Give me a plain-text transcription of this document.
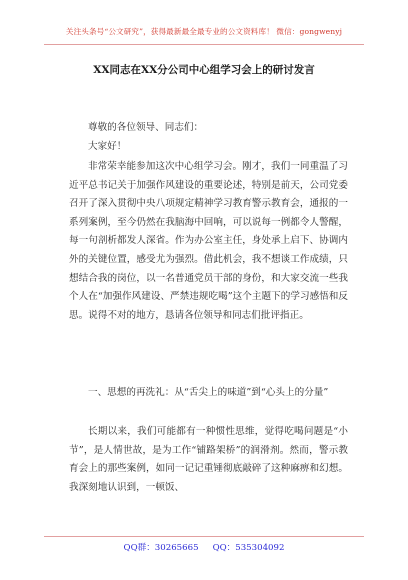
关注头条号“公文研究”，获得最新最全最专业的公文资料库！ 微信：gongwenyj
XX同志在XX分公司中心组学习会上的研讨发言
尊敬的各位领导、同志们：
大家好！
非常荣幸能参加这次中心组学习会。刚才，我们一同重温了习近平总书记关于加强作风建设的重要论述，特别是前天，公司党委召开了深入贯彻中央八项规定精神学习教育警示教育会，通报的一系列案例，至今仍然在我脑海中回响，可以说每一例都令人警醒，每一句剖析都发人深省。作为办公室主任，身处承上启下、协调内外的关键位置，感受尤为强烈。借此机会，我不想谈工作成绩，只想结合我的岗位，以一名普通党员干部的身份，和大家交流一些我个人在“加强作风建设、严禁违规吃喝”这个主题下的学习感悟和反思。说得不对的地方，恳请各位领导和同志们批评指正。
一、思想的再洗礼：从“舌尖上的味道”到“心头上的分量”
长期以来，我们可能都有一种惯性思维，觉得吃喝问题是“小节”，是人情世故，是为工作“铺路架桥”的润滑剂。然而，警示教育会上的那些案例，如同一记记重锤彻底敲碎了这种麻痹和幻想。我深刻地认识到，一顿饭、
QQ群：30265665 QQ：535304092
